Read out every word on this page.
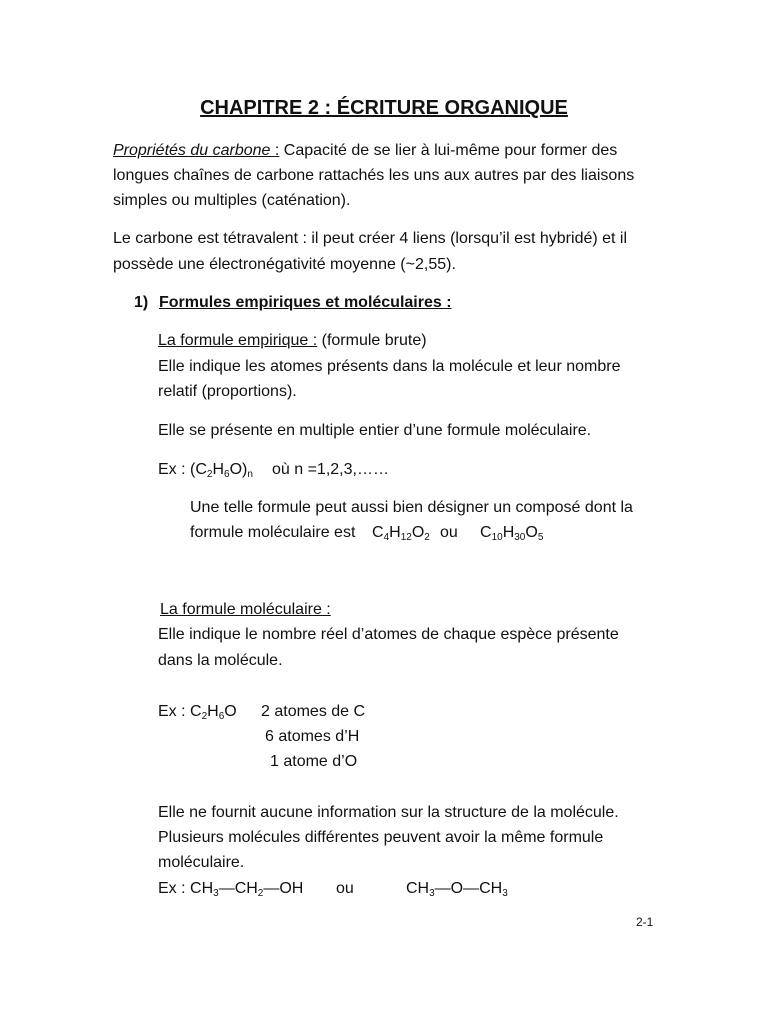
CHAPITRE 2 : ÉCRITURE ORGANIQUE
Propriétés du carbone : Capacité de se lier à lui-même pour former des
longues chaînes de carbone rattachés les uns aux autres par des liaisons
simples ou multiples (caténation).
Le carbone est tétravalent : il peut créer 4 liens (lorsqu’il est hybridé) et il
possède une électronégativité moyenne (~2,55).
1) Formules empiriques et moléculaires :
La formule empirique : (formule brute)
Elle indique les atomes présents dans la molécule et leur nombre
relatif (proportions).
Elle se présente en multiple entier d’une formule moléculaire.
Ex : $(C_2H_6O)_n$ où n =1,2,3,……
Une telle formule peut aussi bien désigner un composé dont la
formule moléculaire est $C_4H_{12}O_2$ ou $C_{10}H_{30}O_5$
La formule moléculaire :
Elle indique le nombre réel d’atomes de chaque espèce présente
dans la molécule.
Ex : $C_2H_6O$ 2 atomes de C
6 atomes d’H
1 atome d’O
Elle ne fournit aucune information sur la structure de la molécule.
Plusieurs molécules différentes peuvent avoir la même formule
moléculaire.
Ex : $CH_3—CH_2—OH$ ou	$CH_3—O—CH_3$
2-1
